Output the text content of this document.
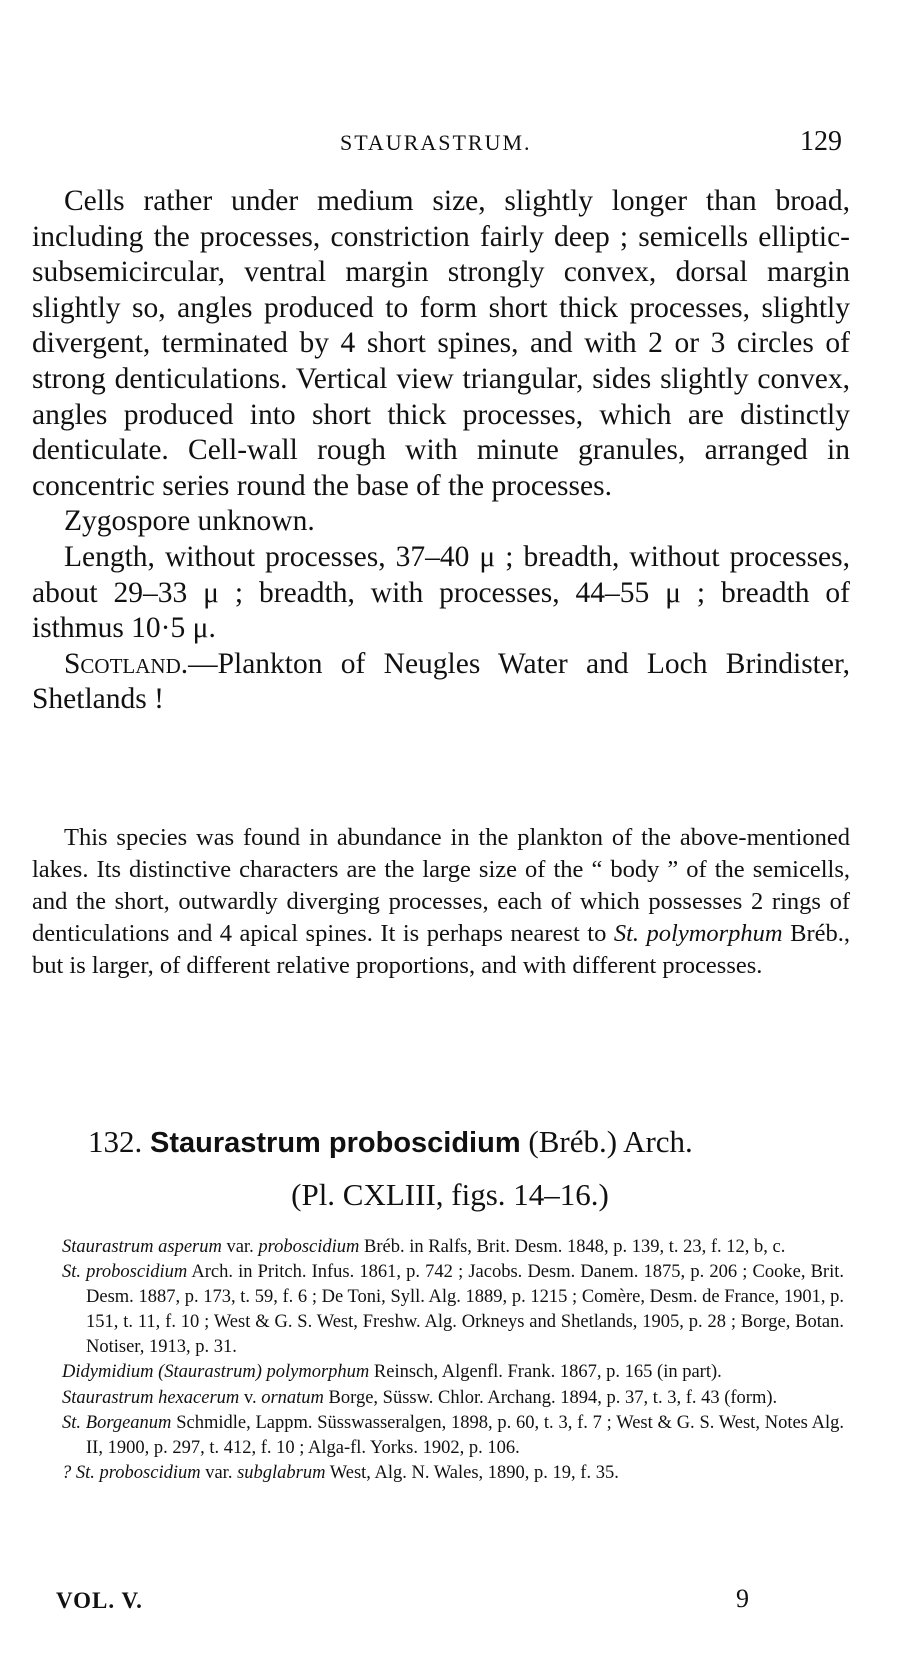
STAURASTRUM.	129

Cells rather under medium size, slightly longer than broad, including the processes, constriction fairly deep ; semicells elliptic-subsemicircular, ventral margin strongly convex, dorsal margin slightly so, angles produced to form short thick processes, slightly divergent, terminated by 4 short spines, and with 2 or 3 circles of strong denticulations. Vertical view triangular, sides slightly convex, angles produced into short thick processes, which are distinctly denticulate. Cell-wall rough with minute granules, arranged in concentric series round the base of the processes.

Zygospore unknown.

Length, without processes, 37–40 μ ; breadth, without processes, about 29–33 μ ; breadth, with processes, 44–55 μ ; breadth of isthmus 10·5 μ.

Scotland.—Plankton of Neugles Water and Loch Brindister, Shetlands !

This species was found in abundance in the plankton of the above-mentioned lakes. Its distinctive characters are the large size of the “ body ” of the semicells, and the short, outwardly diverging processes, each of which possesses 2 rings of denticulations and 4 apical spines. It is perhaps nearest to St. polymorphum Bréb., but is larger, of different relative proportions, and with different processes.

132. Staurastrum proboscidium (Bréb.) Arch.
(Pl. CXLIII, figs. 14–16.)

Staurastrum asperum var. proboscidium Bréb. in Ralfs, Brit. Desm. 1848, p. 139, t. 23, f. 12, b, c.

St. proboscidium Arch. in Pritch. Infus. 1861, p. 742 ; Jacobs. Desm. Danem. 1875, p. 206 ; Cooke, Brit. Desm. 1887, p. 173, t. 59, f. 6 ; De Toni, Syll. Alg. 1889, p. 1215 ; Comère, Desm. de France, 1901, p. 151, t. 11, f. 10 ; West & G. S. West, Freshw. Alg. Orkneys and Shetlands, 1905, p. 28 ; Borge, Botan. Notiser, 1913, p. 31.

Didymidium (Staurastrum) polymorphum Reinsch, Algenfl. Frank. 1867, p. 165 (in part).

Staurastrum hexacerum v. ornatum Borge, Süssw. Chlor. Archang. 1894, p. 37, t. 3, f. 43 (form).

St. Borgeanum Schmidle, Lappm. Süsswasseralgen, 1898, p. 60, t. 3, f. 7 ; West & G. S. West, Notes Alg. II, 1900, p. 297, t. 412, f. 10 ; Alga-fl. Yorks. 1902, p. 106.

? St. proboscidium var. subglabrum West, Alg. N. Wales, 1890, p. 19, f. 35.

VOL. V.	9
